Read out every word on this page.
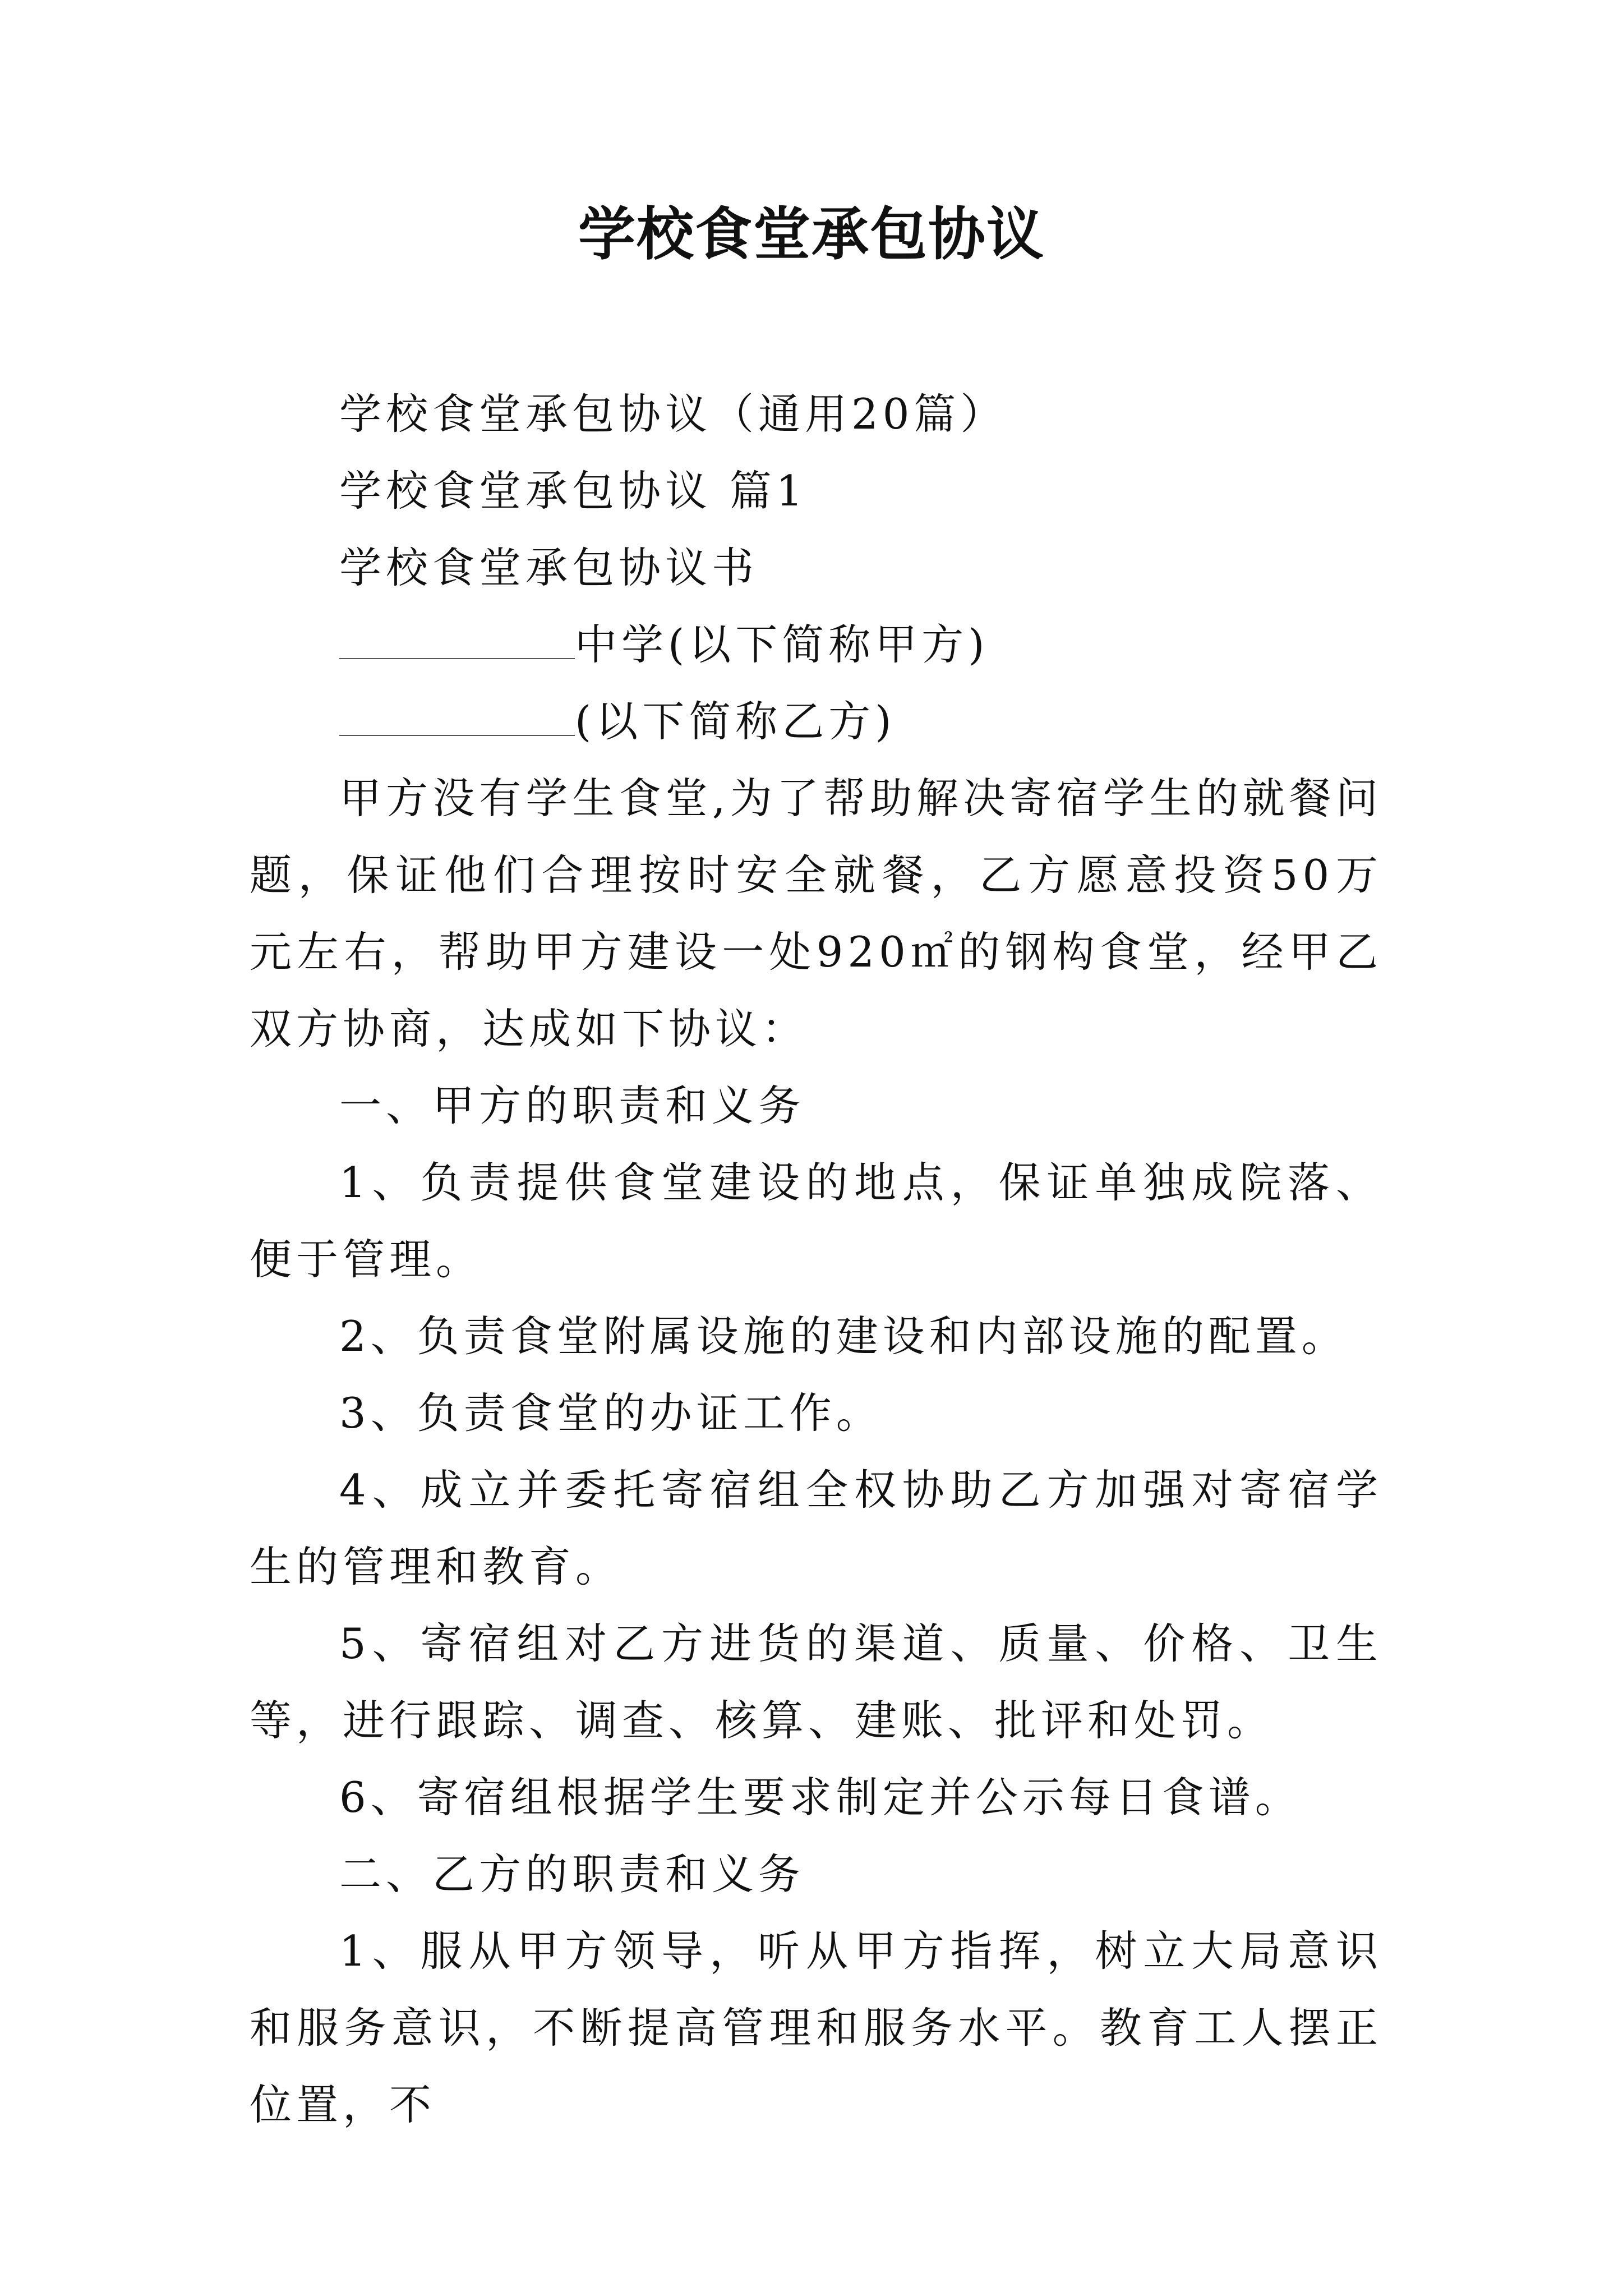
学校食堂承包协议

学校食堂承包协议（通用20篇）

学校食堂承包协议 篇1

学校食堂承包协议书

中学(以下简称甲方)

(以下简称乙方)

甲方没有学生食堂,为了帮助解决寄宿学生的就餐问题，保证他们合理按时安全就餐，乙方愿意投资50万元左右，帮助甲方建设一处920㎡的钢构食堂，经甲乙双方协商，达成如下协议：

一、甲方的职责和义务

1、负责提供食堂建设的地点，保证单独成院落、便于管理。

2、负责食堂附属设施的建设和内部设施的配置。

3、负责食堂的办证工作。

4、成立并委托寄宿组全权协助乙方加强对寄宿学生的管理和教育。

5、寄宿组对乙方进货的渠道、质量、价格、卫生等，进行跟踪、调查、核算、建账、批评和处罚。

6、寄宿组根据学生要求制定并公示每日食谱。

二、乙方的职责和义务

1、服从甲方领导，听从甲方指挥，树立大局意识和服务意识，不断提高管理和服务水平。教育工人摆正位置，不
